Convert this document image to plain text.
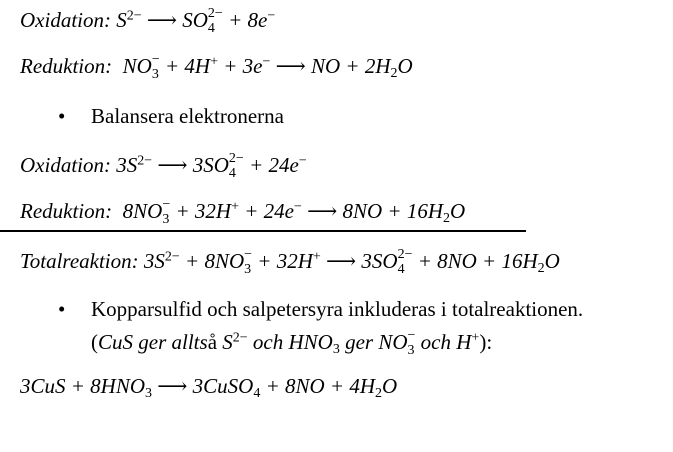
Oxidation: $S^{2-}$ ⟶ SO 2−
4 + 8e−
Reduktion: NO −
3 + 4H+ + 3e− ⟶ NO + $2H_2O$
• Balansera elektronerna
Oxidation: $3S^{2-}$ ⟶ 3SO 2−
4 + 24e−
Reduktion: 8NO −
3 + 32H+ + 24e− ⟶ $8NO + 16H_2O$
Totalreaktion: $3S^{2-} + 8NO$ −
3 + 32H+ ⟶ 3SO 2−
$4 + 8NO + 16H_2O$
• Kopparsulfid och salpetersyra inkluderas i totalreaktionen.
(CuS ger alltså $S^{2-}$ och $HNO_3$ ger NO −
3 och H+):
$3CuS + 8HNO_3$ ⟶ 3CuSO$_4$ + $8NO + 4H_2O$
